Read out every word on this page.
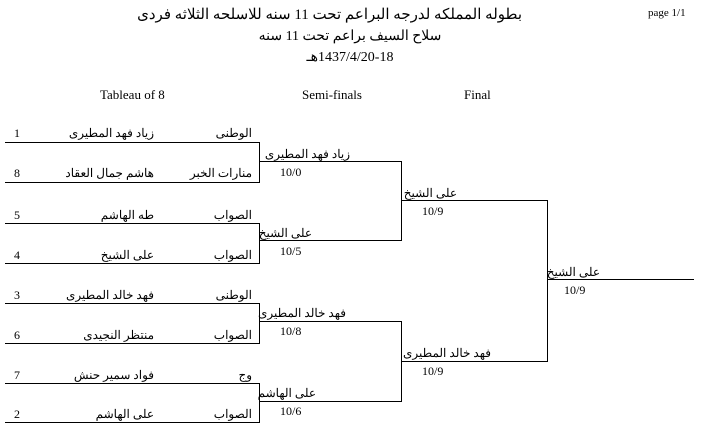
بطوله المملكه لدرجه البراعم تحت 11 سنه للاسلحه الثلاثه فردى	page 1/1
سلاح السيف براعم تحت 11 سنه
1437/4/20-18هـ
Tableau of 8	Semi-finals	Final
1	زياد فهد المطيرى	الوطنى
8	هاشم جمال العقاد	منارات الخبر
5	طه الهاشم	الصواب
4	على الشيخ	الصواب
3	فهد خالد المطيرى	الوطنى
6	منتظر النجيدى	الصواب
7	فواد سمير حنش	وج
2	على الهاشم	الصواب
زياد فهد المطيرى
10/0
على الشيخ
10/5
فهد خالد المطيرى
10/8
على الهاشم
10/6
على الشيخ
10/9
فهد خالد المطيرى
10/9
على الشيخ
10/9
